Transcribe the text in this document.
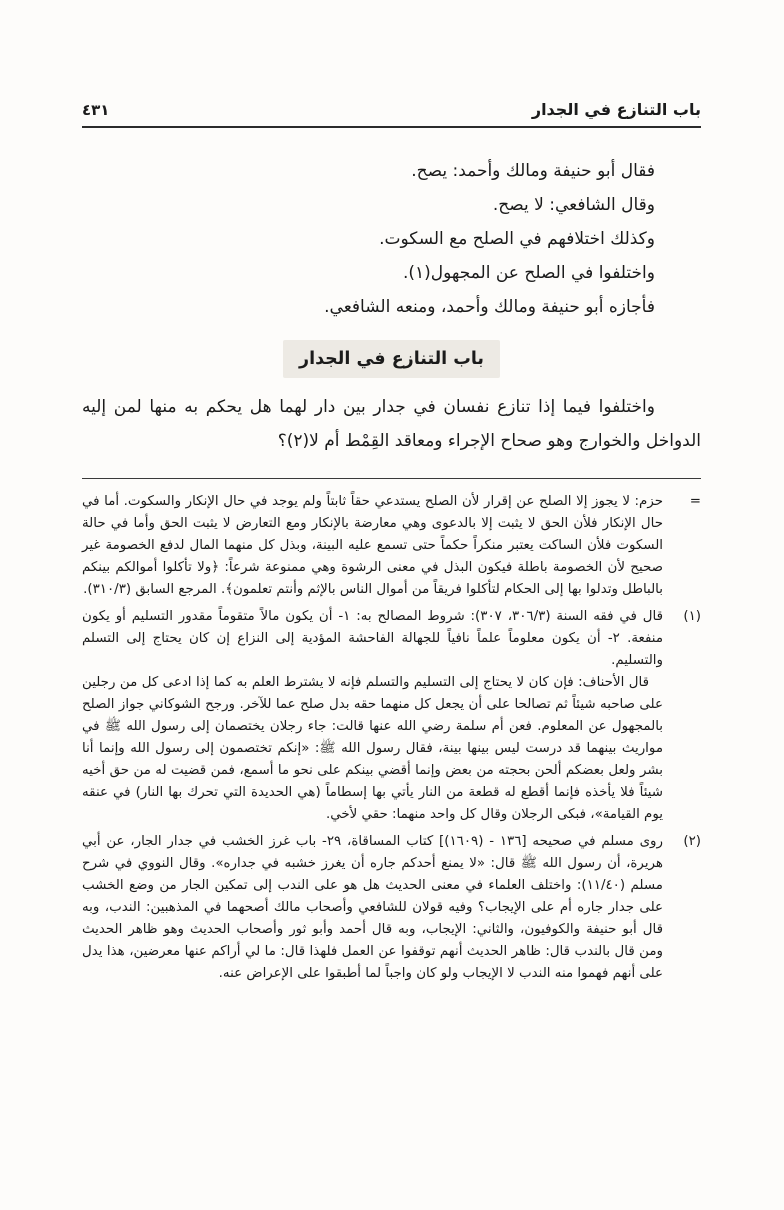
باب التنازع في الجدار
٤٣١

فقال أبو حنيفة ومالك وأحمد: يصح.

وقال الشافعي: لا يصح.

وكذلك اختلافهم في الصلح مع السكوت.

واختلفوا في الصلح عن المجهول(١).

فأجازه أبو حنيفة ومالك وأحمد، ومنعه الشافعي.

باب التنازع في الجدار

واختلفوا فيما إذا تنازع نفسان في جدار بين دار لهما هل يحكم به منها لمن إليه الدواخل والخوارج وهو صحاح الإجراء ومعاقد القِمْط أم لا(٢)؟

=

حزم: لا يجوز إلا الصلح عن إقرار لأن الصلح يستدعي حقاً ثابتاً ولم يوجد في حال الإنكار والسكوت. أما في حال الإنكار فلأن الحق لا يثبت إلا بالدعوى وهي معارضة بالإنكار ومع التعارض لا يثبت الحق وأما في حالة السكوت فلأن الساكت يعتبر منكراً حكماً حتى تسمع عليه البينة، وبذل كل منهما المال لدفع الخصومة غير صحيح لأن الخصومة باطلة فيكون البذل في معنى الرشوة وهي ممنوعة شرعاً: ﴿ولا تأكلوا أموالكم بينكم بالباطل وتدلوا بها إلى الحكام لتأكلوا فريقاً من أموال الناس بالإثم وأنتم تعلمون﴾. المرجع السابق (٣١٠/٣).

(١)

قال في فقه السنة (٣٠٦/٣، ٣٠٧): شروط المصالح به: ١- أن يكون مالاً متقوماً مقدور التسليم أو يكون منفعة. ٢- أن يكون معلوماً علماً نافياً للجهالة الفاحشة المؤدية إلى النزاع إن كان يحتاج إلى التسلم والتسليم.

قال الأحناف: فإن كان لا يحتاج إلى التسليم والتسلم فإنه لا يشترط العلم به كما إذا ادعى كل من رجلين على صاحبه شيئاً ثم تصالحا على أن يجعل كل منهما حقه بدل صلح عما للآخر. ورجح الشوكاني جواز الصلح بالمجهول عن المعلوم. فعن أم سلمة رضي الله عنها قالت: جاء رجلان يختصمان إلى رسول الله ﷺ في مواريث بينهما قد درست ليس بينها بينة، فقال رسول الله ﷺ: «إنكم تختصمون إلى رسول الله وإنما أنا بشر ولعل بعضكم ألحن بحجته من بعض وإنما أقضي بينكم على نحو ما أسمع، فمن قضيت له من حق أخيه شيئاً فلا يأخذه فإنما أقطع له قطعة من النار يأتي بها إسطاماً (هي الحديدة التي تحرك بها النار) في عنقه يوم القيامة»، فبكى الرجلان وقال كل واحد منهما: حقي لأخي.

(٢)

روى مسلم في صحيحه [١٣٦ - (١٦٠٩)] كتاب المساقاة، ٢٩- باب غرز الخشب في جدار الجار، عن أبي هريرة، أن رسول الله ﷺ قال: «لا يمنع أحدكم جاره أن يغرز خشبه في جداره». وقال النووي في شرح مسلم (١١/٤٠): واختلف العلماء في معنى الحديث هل هو على الندب إلى تمكين الجار من وضع الخشب على جدار جاره أم على الإيجاب؟ وفيه قولان للشافعي وأصحاب مالك أصحهما في المذهبين: الندب، وبه قال أبو حنيفة والكوفيون، والثاني: الإيجاب، وبه قال أحمد وأبو ثور وأصحاب الحديث وهو ظاهر الحديث ومن قال بالندب قال: ظاهر الحديث أنهم توقفوا عن العمل فلهذا قال: ما لي أراكم عنها معرضين، هذا يدل على أنهم فهموا منه الندب لا الإيجاب ولو كان واجباً لما أطبقوا على الإعراض عنه.
